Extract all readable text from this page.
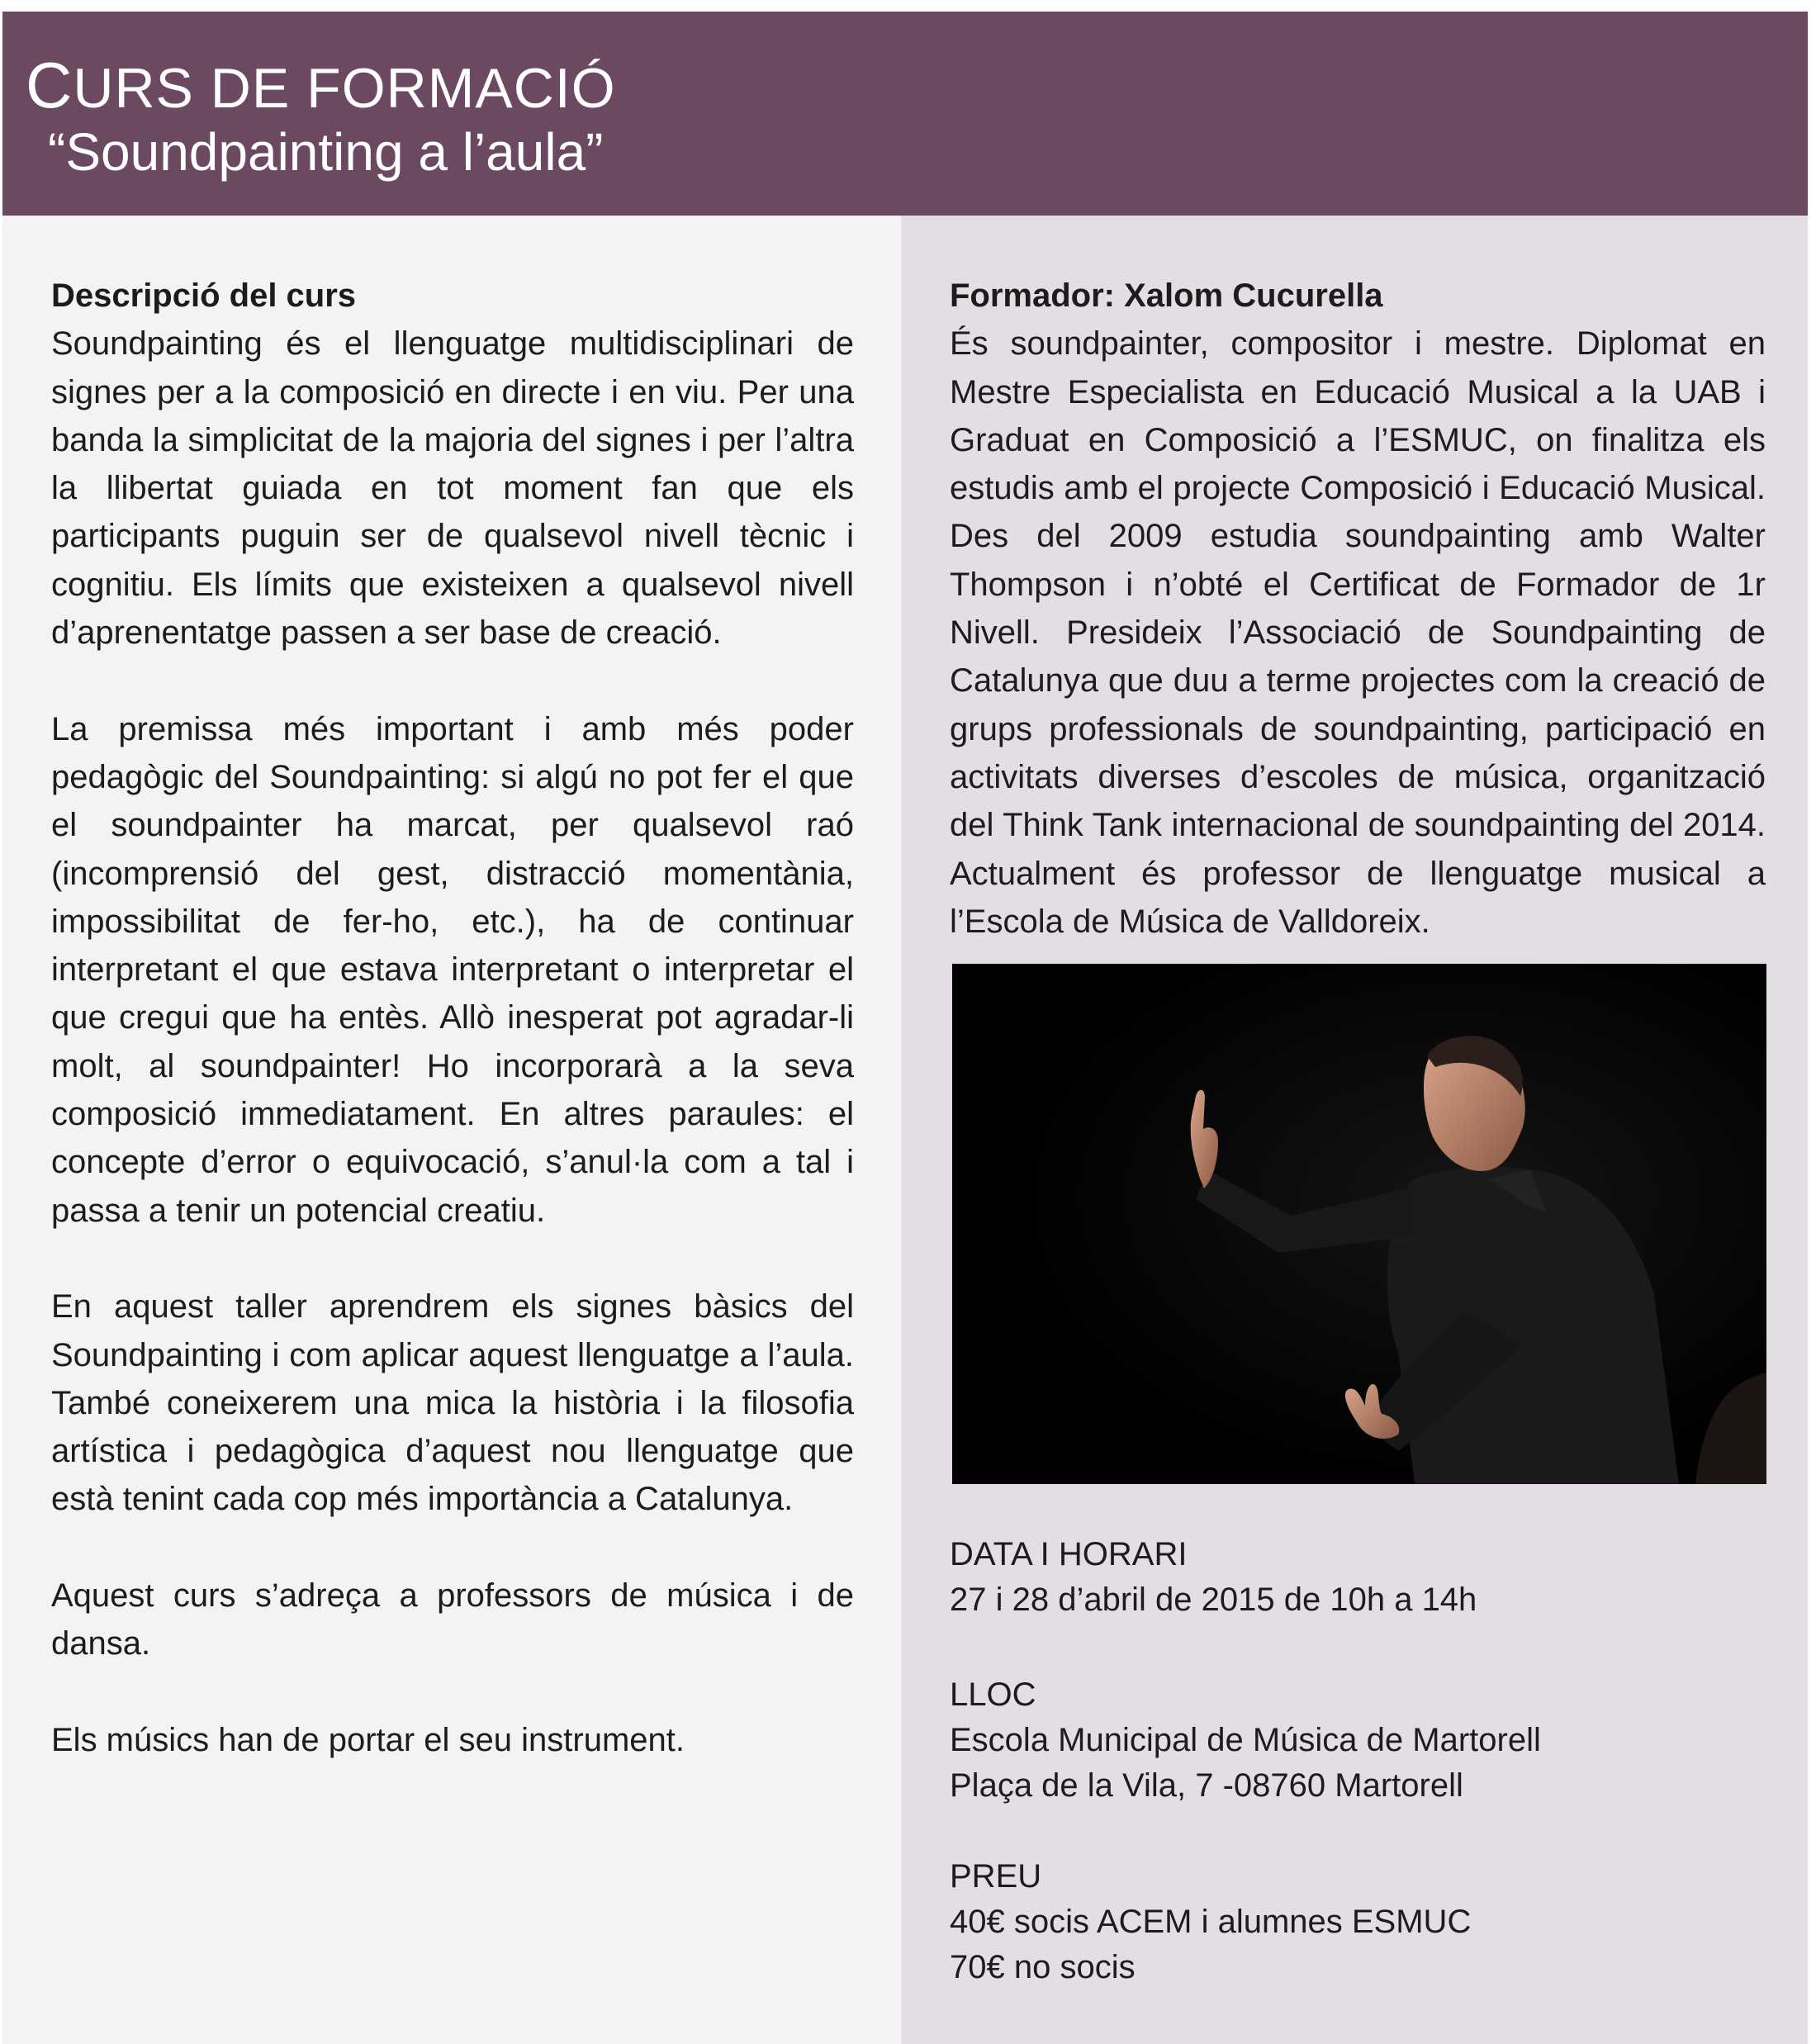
CURS DE FORMACIÓ
“Soundpainting a l’aula”
Descripció del curs

Soundpainting és el llenguatge multidisciplinari de signes per a la composició en directe i en viu. Per una banda la simplicitat de la majoria del signes i per l’altra la llibertat guiada en tot moment fan que els participants puguin ser de qualsevol nivell tècnic i cognitiu. Els límits que existeixen a qualsevol nivell d’aprenentatge passen a ser base de creació.

La premissa més important i amb més poder pedagògic del Soundpainting: si algú no pot fer el que el soundpainter ha marcat, per qualsevol raó (incomprensió del gest, distracció momentània, impossibilitat de fer-ho, etc.), ha de continuar interpretant el que estava interpretant o interpretar el que cregui que ha entès. Allò inesperat pot agradar-li molt, al soundpainter! Ho incorporarà a la seva composició immediatament. En altres paraules: el concepte d’error o equivocació, s’anul·la com a tal i passa a tenir un potencial creatiu.

En aquest taller aprendrem els signes bàsics del Soundpainting i com aplicar aquest llenguatge a l’aula. També coneixerem una mica la història i la filosofia artística i pedagògica d’aquest nou llenguatge que està tenint cada cop més importància a Catalunya.

Aquest curs s’adreça a professors de música i de dansa.

Els músics han de portar el seu instrument.

Formador: Xalom Cucurella

És soundpainter, compositor i mestre. Diplomat en Mestre Especialista en Educació Musical a la UAB i Graduat en Composició a l’ESMUC, on finalitza els estudis amb el projecte Composició i Educació Musical. Des del 2009 estudia soundpainting amb Walter Thompson i n’obté el Certificat de Formador de 1r Nivell. Presideix l’Associació de Soundpainting de Catalunya que duu a terme projectes com la creació de grups professionals de soundpainting, participació en activitats diverses d’escoles de música, organització del Think Tank internacional de soundpainting del 2014. Actualment és professor de llenguatge musical a l’Escola de Música de Valldoreix.

DATA I HORARI
27 i 28 d’abril de 2015 de 10h a 14h
LLOC
Escola Municipal de Música de Martorell
Plaça de la Vila, 7 -08760 Martorell
PREU
40€ socis ACEM i alumnes ESMUC
70€ no socis
